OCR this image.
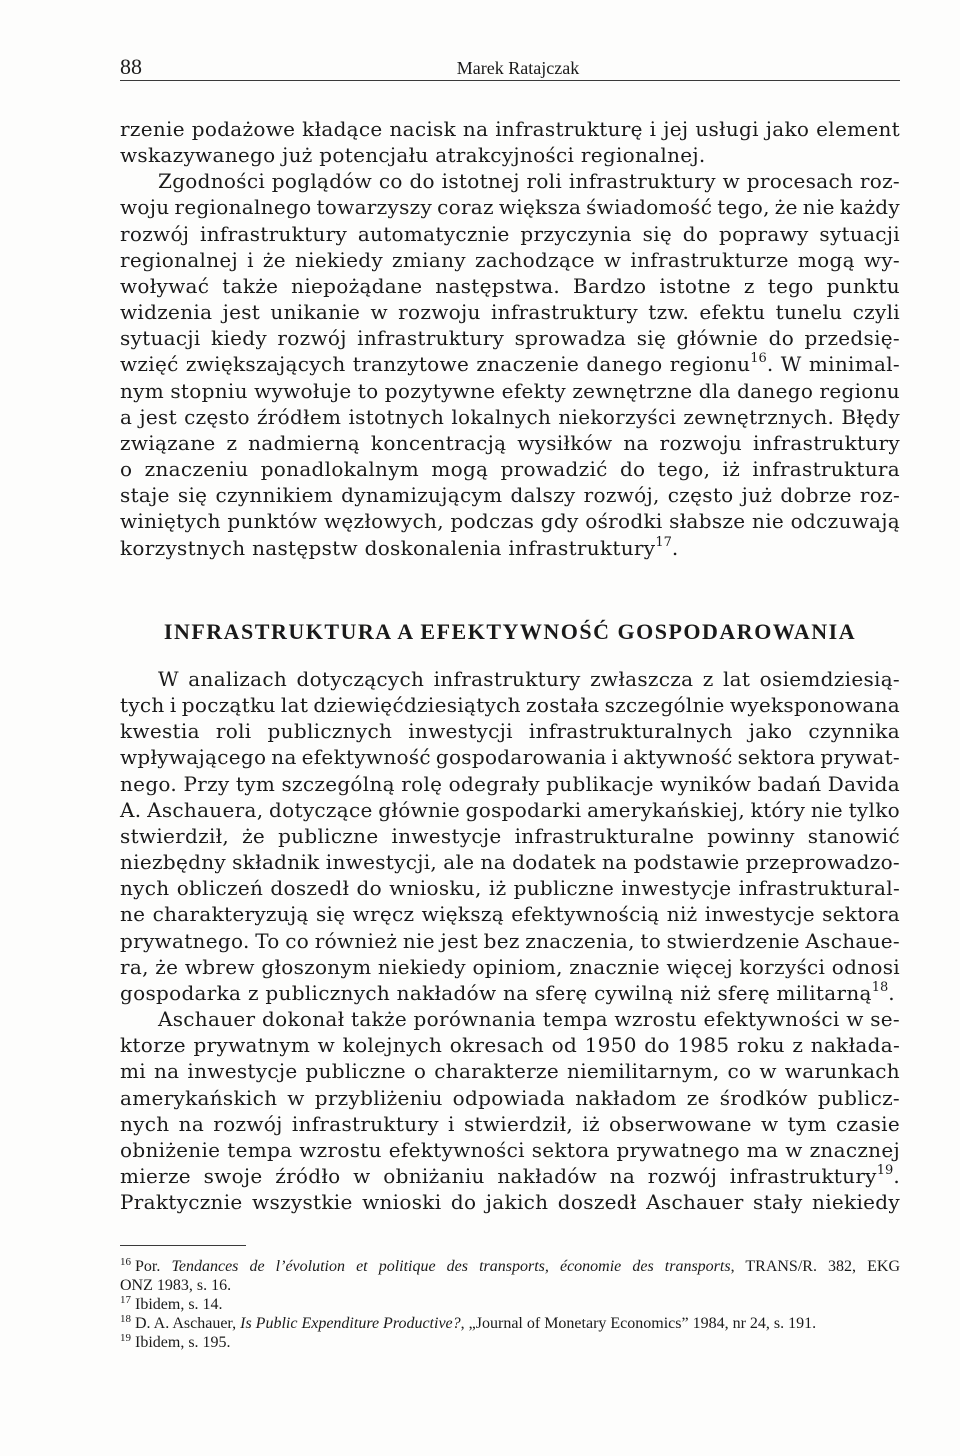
88	Marek Ratajczak
rzenie podażowe kładące nacisk na infrastrukturę i jej usługi jako element
wskazywanego już potencjału atrakcyjności regionalnej.
Zgodności poglądów co do istotnej roli infrastruktury w procesach roz-
woju regionalnego towarzyszy coraz większa świadomość tego, że nie każdy
rozwój infrastruktury automatycznie przyczynia się do poprawy sytuacji
regionalnej i że niekiedy zmiany zachodzące w infrastrukturze mogą wy-
woływać także niepożądane następstwa. Bardzo istotne z tego punktu
widzenia jest unikanie w rozwoju infrastruktury tzw. efektu tunelu czyli
sytuacji kiedy rozwój infrastruktury sprowadza się głównie do przedsię-
wzięć zwiększających tranzytowe znaczenie danego regionu$^{16}$. W minimal-
nym stopniu wywołuje to pozytywne efekty zewnętrzne dla danego regionu
a jest często źródłem istotnych lokalnych niekorzyści zewnętrznych. Błędy
związane z nadmierną koncentracją wysiłków na rozwoju infrastruktury
o znaczeniu ponadlokalnym mogą prowadzić do tego, iż infrastruktura
staje się czynnikiem dynamizującym dalszy rozwój, często już dobrze roz-
winiętych punktów węzłowych, podczas gdy ośrodki słabsze nie odczuwają
korzystnych następstw doskonalenia infrastruktury$^{17}$.
INFRASTRUKTURA A EFEKTYWNOŚĆ GOSPODAROWANIA
W analizach dotyczących infrastruktury zwłaszcza z lat osiemdziesią-
tych i początku lat dziewięćdziesiątych została szczególnie wyeksponowana
kwestia roli publicznych inwestycji infrastrukturalnych jako czynnika
wpływającego na efektywność gospodarowania i aktywność sektora prywat-
nego. Przy tym szczególną rolę odegrały publikacje wyników badań Davida
A. Aschauera, dotyczące głównie gospodarki amerykańskiej, który nie tylko
stwierdził, że publiczne inwestycje infrastrukturalne powinny stanowić
niezbędny składnik inwestycji, ale na dodatek na podstawie przeprowadzo-
nych obliczeń doszedł do wniosku, iż publiczne inwestycje infrastruktural-
ne charakteryzują się wręcz większą efektywnością niż inwestycje sektora
prywatnego. To co również nie jest bez znaczenia, to stwierdzenie Aschaue-
ra, że wbrew głoszonym niekiedy opiniom, znacznie więcej korzyści odnosi
gospodarka z publicznych nakładów na sferę cywilną niż sferę militarną$^{18}$.
Aschauer dokonał także porównania tempa wzrostu efektywności w se-
ktorze prywatnym w kolejnych okresach od 1950 do 1985 roku z nakłada-
mi na inwestycje publiczne o charakterze niemilitarnym, co w warunkach
amerykańskich w przybliżeniu odpowiada nakładom ze środków publicz-
nych na rozwój infrastruktury i stwierdził, iż obserwowane w tym czasie
obniżenie tempa wzrostu efektywności sektora prywatnego ma w znacznej
mierze swoje źródło w obniżaniu nakładów na rozwój infrastruktury$^{19}$.
Praktycznie wszystkie wnioski do jakich doszedł Aschauer stały niekiedy
$^{16}$ Por. Tendances de l’évolution et politique des transports, économie des transports, TRANS/R. 382, EKG
ONZ 1983, s. 16.
$^{17}$ Ibidem, s. 14.
$^{18}$ D. A. Aschauer, Is Public Expenditure Productive?, „Journal of Monetary Economics” 1984, nr 24, s. 191.
$^{19}$ Ibidem, s. 195.
